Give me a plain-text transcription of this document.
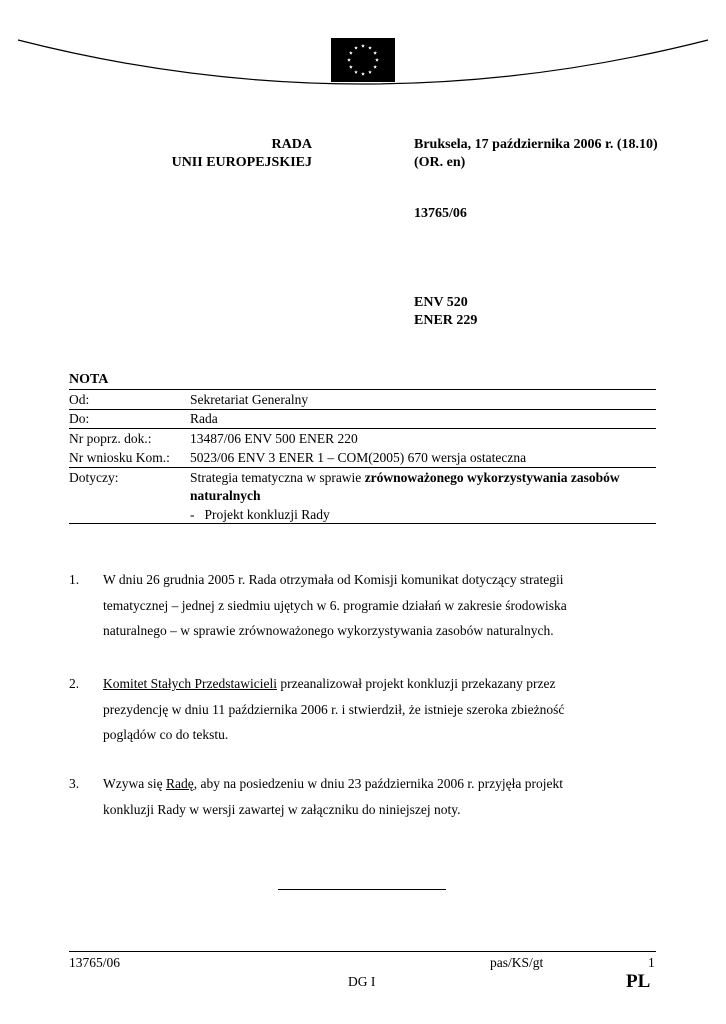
RADA
UNII EUROPEJSKIEJ
Bruksela, 17 października 2006 r. (18.10)
(OR. en)
13765/06
ENV 520
ENER 229
NOTA
Od:	Sekretariat Generalny
Do:	Rada
Nr poprz. dok.:	13487/06 ENV 500 ENER 220
Nr wniosku Kom.: 5023/06 ENV 3 ENER 1 – COM(2005) 670 wersja ostateczna
Dotyczy:	Strategia tematyczna w sprawie zrównoważonego wykorzystywania zasobów
naturalnych
- Projekt konkluzji Rady
1. W dniu 26 grudnia 2005 r. Rada otrzymała od Komisji komunikat dotyczący strategii
tematycznej – jednej z siedmiu ujętych w 6. programie działań w zakresie środowiska
naturalnego – w sprawie zrównoważonego wykorzystywania zasobów naturalnych.
2. Komitet Stałych Przedstawicieli przeanalizował projekt konkluzji przekazany przez
prezydencję w dniu 11 października 2006 r. i stwierdził, że istnieje szeroka zbieżność
poglądów co do tekstu.
3. Wzywa się Radę, aby na posiedzeniu w dniu 23 października 2006 r. przyjęła projekt
konkluzji Rady w wersji zawartej w załączniku do niniejszej noty.
13765/06	pas/KS/gt	1
DG I	PL
